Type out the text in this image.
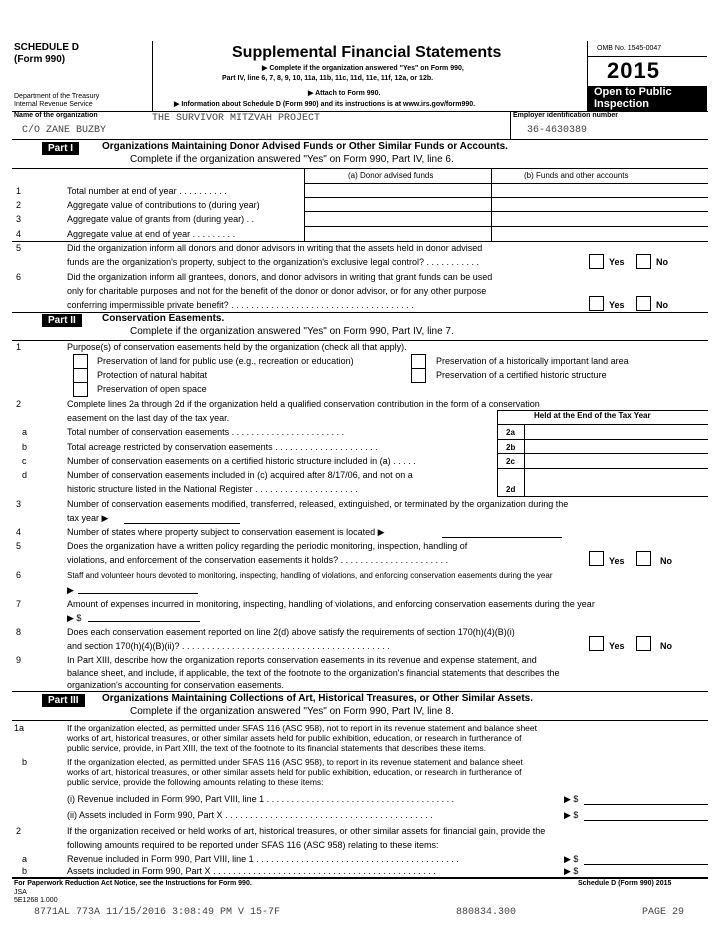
SCHEDULE D
(Form 990)
Department of the Treasury
Internal Revenue Service
Supplemental Financial Statements
▶ Complete if the organization answered "Yes" on Form 990,
Part IV, line 6, 7, 8, 9, 10, 11a, 11b, 11c, 11d, 11e, 11f, 12a, or 12b.
▶ Attach to Form 990.
▶ Information about Schedule D (Form 990) and its instructions is at www.irs.gov/form990.
OMB No. 1545-0047
2015
Open to Public
Inspection
Name of the organization	THE SURVIVOR MITZVAH PROJECT
C/O ZANE BUZBY
Employer identification number
36-4630389
Part I	Organizations Maintaining Donor Advised Funds or Other Similar Funds or Accounts.
Complete if the organization answered "Yes" on Form 990, Part IV, line 6.
(a) Donor advised funds	(b) Funds and other accounts
1	Total number at end of year . . . . . . . . . .
2	Aggregate value of contributions to (during year)
3	Aggregate value of grants from (during year) . .
4	Aggregate value at end of year . . . . . . . . .
5	Did the organization inform all donors and donor advisors in writing that the assets held in donor advised
funds are the organization's property, subject to the organization's exclusive legal control? . . . . . . . . . . .	Yes	No
6	Did the organization inform all grantees, donors, and donor advisors in writing that grant funds can be used
only for charitable purposes and not for the benefit of the donor or donor advisor, or for any other purpose
conferring impermissible private benefit? . . . . . . . . . . . . . . . . . . . . . . . . . . . . . . . . . . . . .	Yes	No
Part II	Conservation Easements.
Complete if the organization answered "Yes" on Form 990, Part IV, line 7.
1	Purpose(s) of conservation easements held by the organization (check all that apply).
Preservation of land for public use (e.g., recreation or education)
Protection of natural habitat
Preservation of open space
Preservation of a historically important land area
Preservation of a certified historic structure
2	Complete lines 2a through 2d if the organization held a qualified conservation contribution in the form of a conservation
easement on the last day of the tax year.	Held at the End of the Tax Year
a	Total number of conservation easements . . . . . . . . . . . . . . . . . . . . . . .	2a
b	Total acreage restricted by conservation easements . . . . . . . . . . . . . . . . . . . . .	2b
c	Number of conservation easements on a certified historic structure included in (a) . . . . .	2c
d	Number of conservation easements included in (c) acquired after 8/17/06, and not on a
historic structure listed in the National Register . . . . . . . . . . . . . . . . . . . . .	2d
3	Number of conservation easements modified, transferred, released, extinguished, or terminated by the organization during the
tax year ▶
4	Number of states where property subject to conservation easement is located ▶
5	Does the organization have a written policy regarding the periodic monitoring, inspection, handling of
violations, and enforcement of the conservation easements it holds? . . . . . . . . . . . . . . . . . . . . . .	Yes	No
6	Staff and volunteer hours devoted to monitoring, inspecting, handling of violations, and enforcing conservation easements during the year
▶
7	Amount of expenses incurred in monitoring, inspecting, handling of violations, and enforcing conservation easements during the year
▶ $
8	Does each conservation easement reported on line 2(d) above satisfy the requirements of section 170(h)(4)(B)(i)
and section 170(h)(4)(B)(ii)? . . . . . . . . . . . . . . . . . . . . . . . . . . . . . . . . . . . . . . . . . .	Yes	No
9	In Part XIII, describe how the organization reports conservation easements in its revenue and expense statement, and
balance sheet, and include, if applicable, the text of the footnote to the organization's financial statements that describes the
organization's accounting for conservation easements.
Part III	Organizations Maintaining Collections of Art, Historical Treasures, or Other Similar Assets.
Complete if the organization answered "Yes" on Form 990, Part IV, line 8.
1a	If the organization elected, as permitted under SFAS 116 (ASC 958), not to report in its revenue statement and balance sheet
works of art, historical treasures, or other similar assets held for public exhibition, education, or research in furtherance of
public service, provide, in Part XIII, the text of the footnote to its financial statements that describes these items.
b	If the organization elected, as permitted under SFAS 116 (ASC 958), to report in its revenue statement and balance sheet
works of art, historical treasures, or other similar assets held for public exhibition, education, or research in furtherance of
public service, provide the following amounts relating to these items:
(i) Revenue included in Form 990, Part VIII, line 1 . . . . . . . . . . . . . . . . . . . . . . . . . . . . . . . . . . . . . .	▶ $
(ii) Assets included in Form 990, Part X . . . . . . . . . . . . . . . . . . . . . . . . . . . . . . . . . . . . . . . . . .	▶ $
2	If the organization received or held works of art, historical treasures, or other similar assets for financial gain, provide the
following amounts required to be reported under SFAS 116 (ASC 958) relating to these items:
a	Revenue included in Form 990, Part VIII, line 1 . . . . . . . . . . . . . . . . . . . . . . . . . . . . . . . . . . . . . . . . .	▶ $
b	Assets included in Form 990, Part X . . . . . . . . . . . . . . . . . . . . . . . . . . . . . . . . . . . . . . . . . . . . .	▶ $
For Paperwork Reduction Act Notice, see the Instructions for Form 990.	Schedule D (Form 990) 2015
JSA
5E1268 1.000
8771AL 773A 11/15/2016 3:08:49 PM V 15-7F	880834.300	PAGE 29
